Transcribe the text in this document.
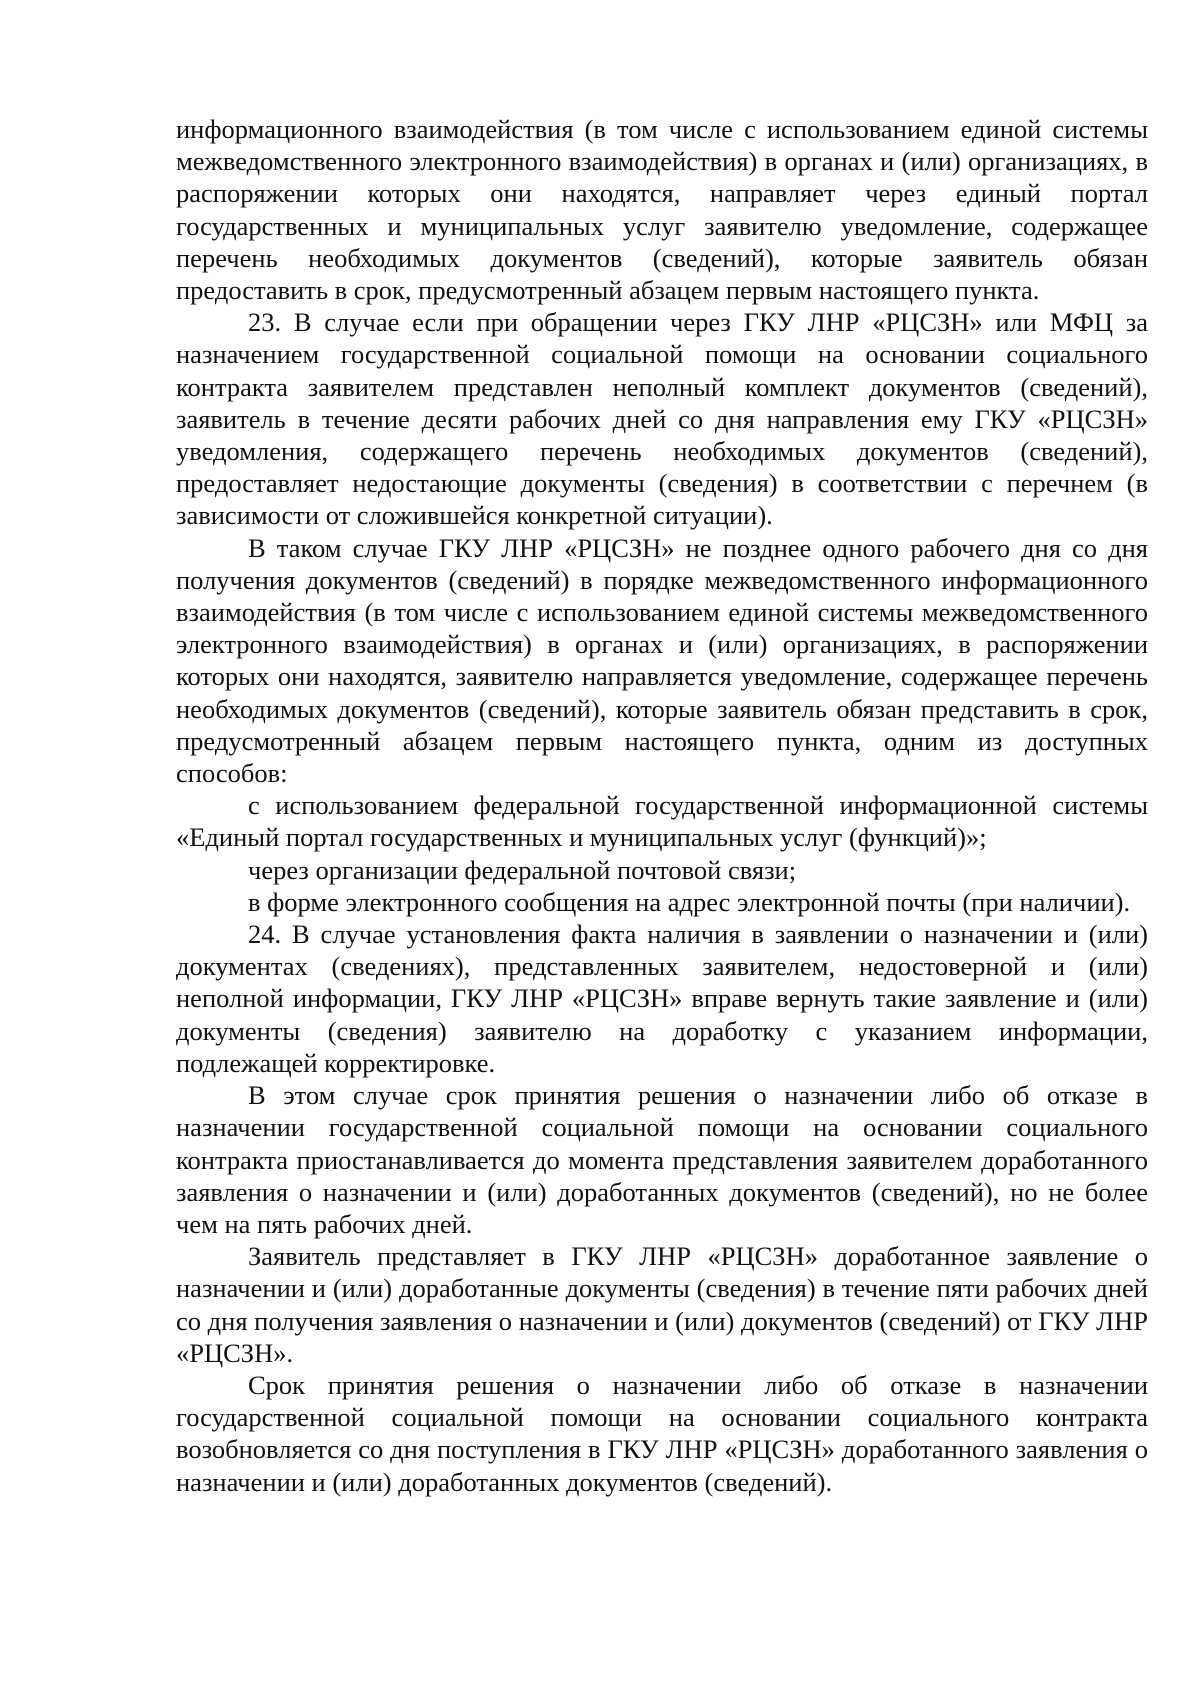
информационного взаимодействия (в том числе с использованием единой системы межведомственного электронного взаимодействия) в органах и (или) организациях, в распоряжении которых они находятся, направляет через единый портал государственных и муниципальных услуг заявителю уведомление, содержащее перечень необходимых документов (сведений), которые заявитель обязан предоставить в срок, предусмотренный абзацем первым настоящего пункта.

23. В случае если при обращении через ГКУ ЛНР «РЦСЗН» или МФЦ за назначением государственной социальной помощи на основании социального контракта заявителем представлен неполный комплект документов (сведений), заявитель в течение десяти рабочих дней со дня направления ему ГКУ «РЦСЗН» уведомления, содержащего перечень необходимых документов (сведений), предоставляет недостающие документы (сведения) в соответствии с перечнем (в зависимости от сложившейся конкретной ситуации).

В таком случае ГКУ ЛНР «РЦСЗН» не позднее одного рабочего дня со дня получения документов (сведений) в порядке межведомственного информационного взаимодействия (в том числе с использованием единой системы межведомственного электронного взаимодействия) в органах и (или) организациях, в распоряжении которых они находятся, заявителю направляется уведомление, содержащее перечень необходимых документов (сведений), которые заявитель обязан представить в срок, предусмотренный абзацем первым настоящего пункта, одним из доступных способов:

с использованием федеральной государственной информационной системы «Единый портал государственных и муниципальных услуг (функций)»;

через организации федеральной почтовой связи;

в форме электронного сообщения на адрес электронной почты (при наличии).

24. В случае установления факта наличия в заявлении о назначении и (или) документах (сведениях), представленных заявителем, недостоверной и (или) неполной информации, ГКУ ЛНР «РЦСЗН» вправе вернуть такие заявление и (или) документы (сведения) заявителю на доработку с указанием информации, подлежащей корректировке.

В этом случае срок принятия решения о назначении либо об отказе в назначении государственной социальной помощи на основании социального контракта приостанавливается до момента представления заявителем доработанного заявления о назначении и (или) доработанных документов (сведений), но не более чем на пять рабочих дней.

Заявитель представляет в ГКУ ЛНР «РЦСЗН» доработанное заявление о назначении и (или) доработанные документы (сведения) в течение пяти рабочих дней со дня получения заявления о назначении и (или) документов (сведений) от ГКУ ЛНР «РЦСЗН».

Срок принятия решения о назначении либо об отказе в назначении государственной социальной помощи на основании социального контракта возобновляется со дня поступления в ГКУ ЛНР «РЦСЗН» доработанного заявления о назначении и (или) доработанных документов (сведений).
